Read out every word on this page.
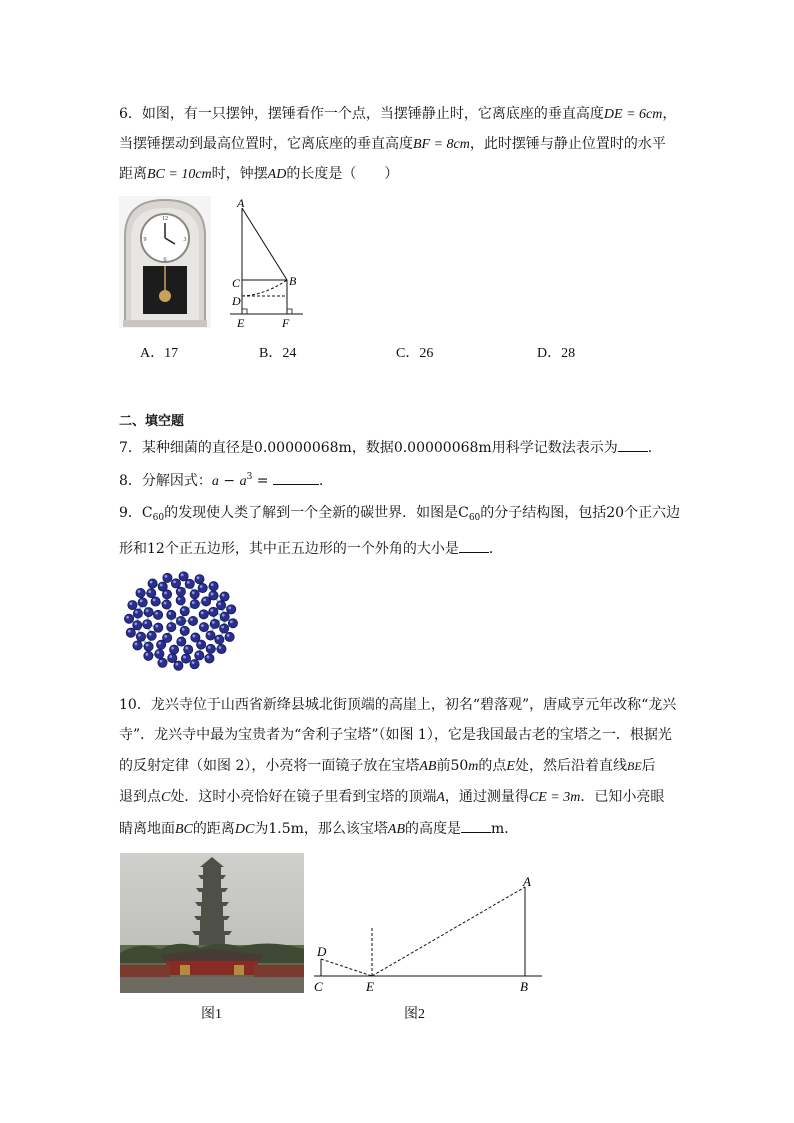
6．如图，有一只摆钟，摆锤看作一个点，当摆锤静止时，它离底座的垂直高度DE = 6cm，
当摆锤摆动到最高位置时，它离底座的垂直高度BF = 8cm，此时摆锤与静止位置时的水平
距离BC = 10cm时，钟摆AD的长度是（　　）
12
3
6
9
A
C
D
B
E	F
A．17	B．24	C．26	D．28
二、填空题
7．某种细菌的直径是0.00000068m，数据0.00000068m用科学记数法表示为 ．
8．分解因式：$a - a^3$ =	．
9．$C_{60}$的发现使人类了解到一个全新的碳世界．如图是$C_{60}$的分子结构图，包括20个正六边
形和12个正五边形，其中正五边形的一个外角的大小是 ．
10．龙兴寺位于山西省新绛县城北街顶端的高崖上，初名“碧落观”，唐咸亨元年改称“龙兴
寺”．龙兴寺中最为宝贵者为“舍利子宝塔”（如图 1），它是我国最古老的宝塔之一．根据光
的反射定律（如图 2），小亮将一面镜子放在宝塔AB前50m的点E处，然后沿着直线BE后
退到点C处．这时小亮恰好在镜子里看到宝塔的顶端A，通过测量得CE = 3m．已知小亮眼
睛离地面BC的距离DC为1.5m，那么该宝塔AB的高度是 m．
A
D
C	E	B
图1	图2
